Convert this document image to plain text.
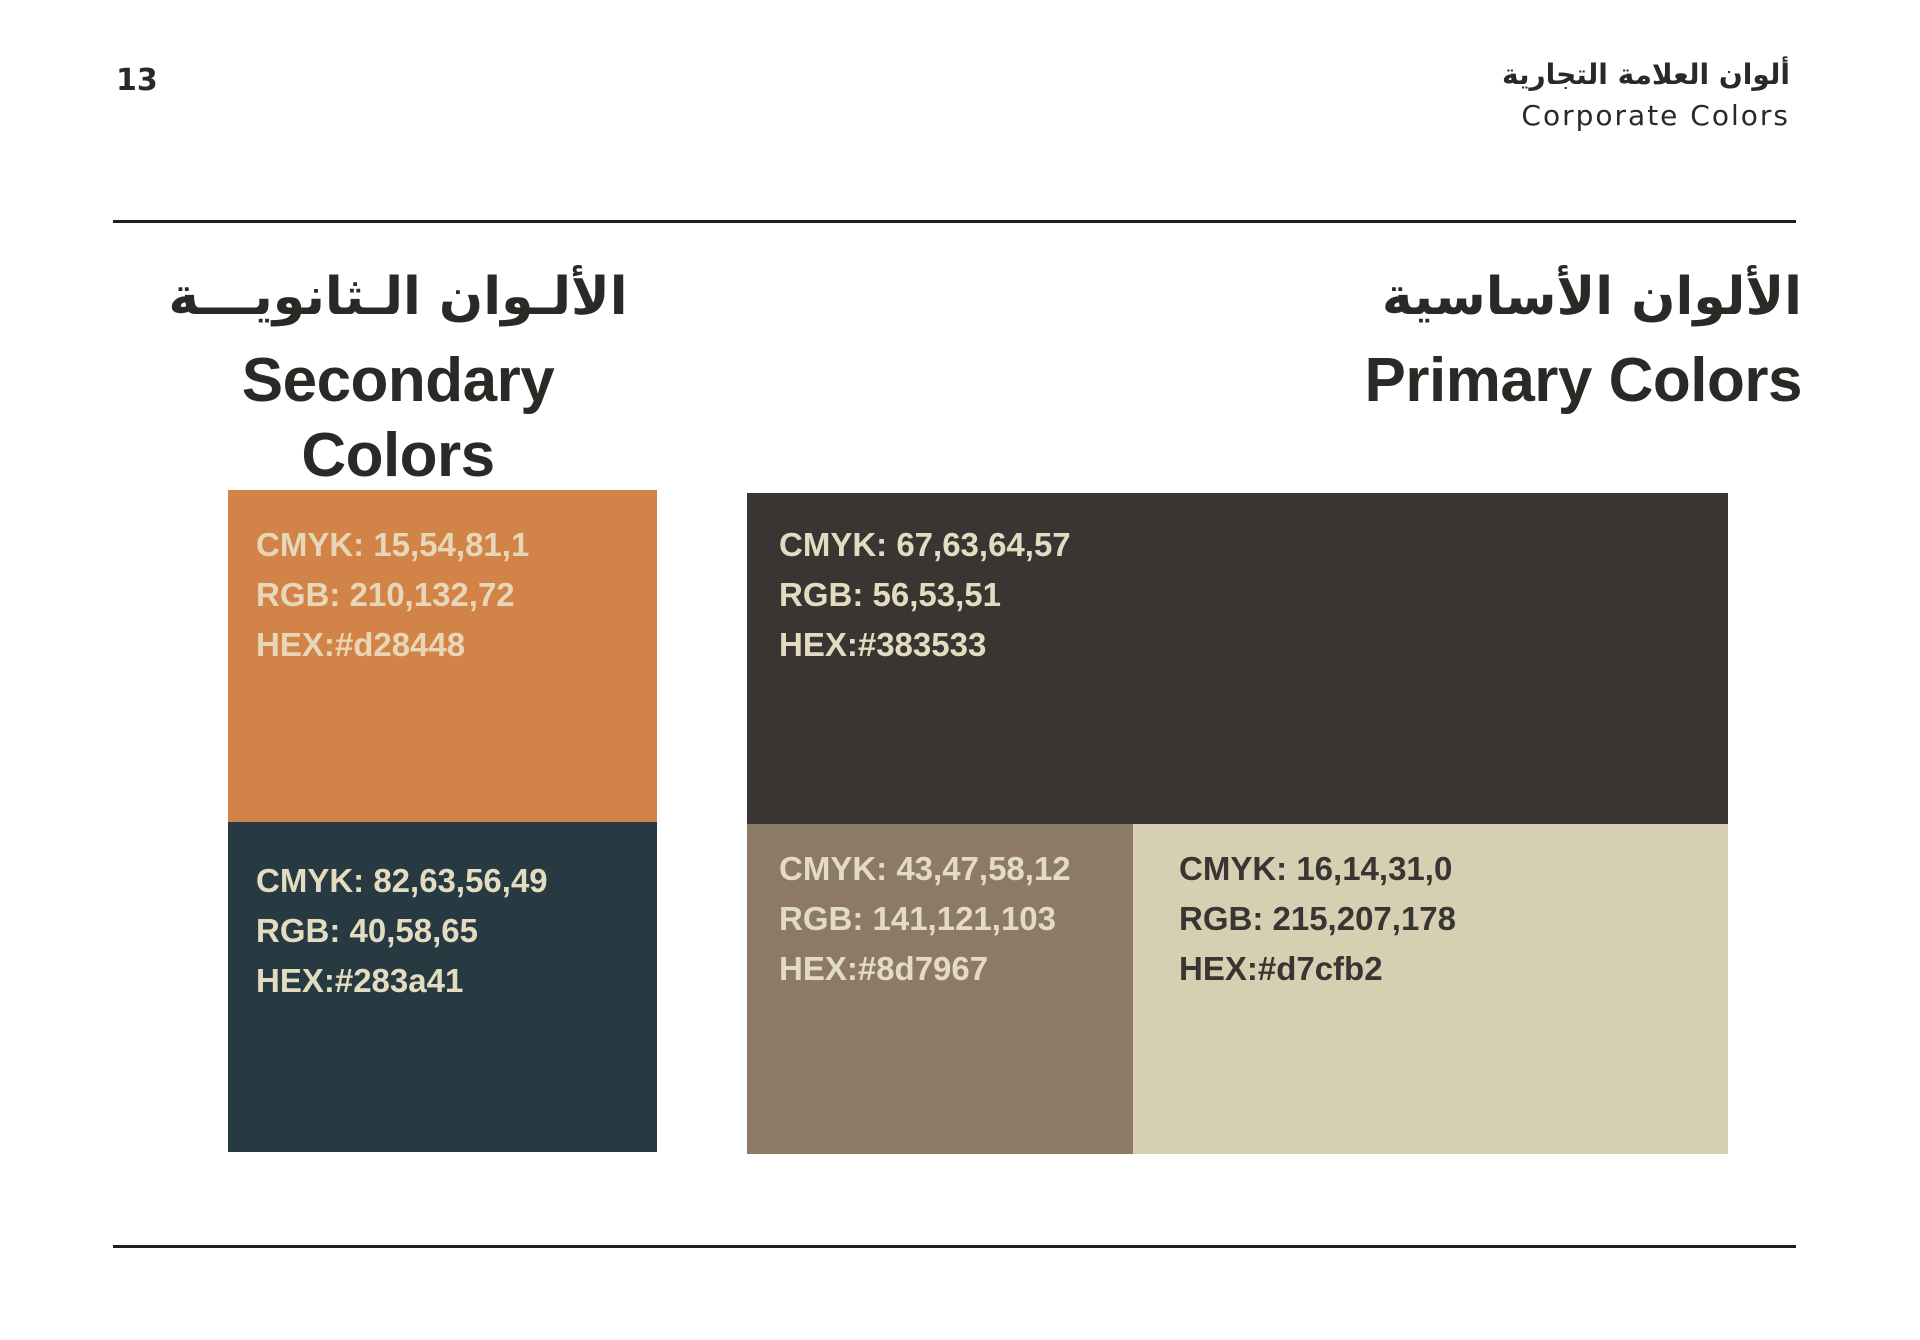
13	ألوان العلامة التجارية
Corporate Colors
الألـوان الـثانويـــة
Secondary Colors
الألوان الأساسية
Primary Colors
CMYK: 15,54,81,1
RGB: 210,132,72
HEX:#d28448
CMYK: 82,63,56,49
RGB: 40,58,65
HEX:#283a41
CMYK: 67,63,64,57
RGB: 56,53,51
HEX:#383533
CMYK: 43,47,58,12
RGB: 141,121,103
HEX:#8d7967
CMYK: 16,14,31,0
RGB: 215,207,178
HEX:#d7cfb2
